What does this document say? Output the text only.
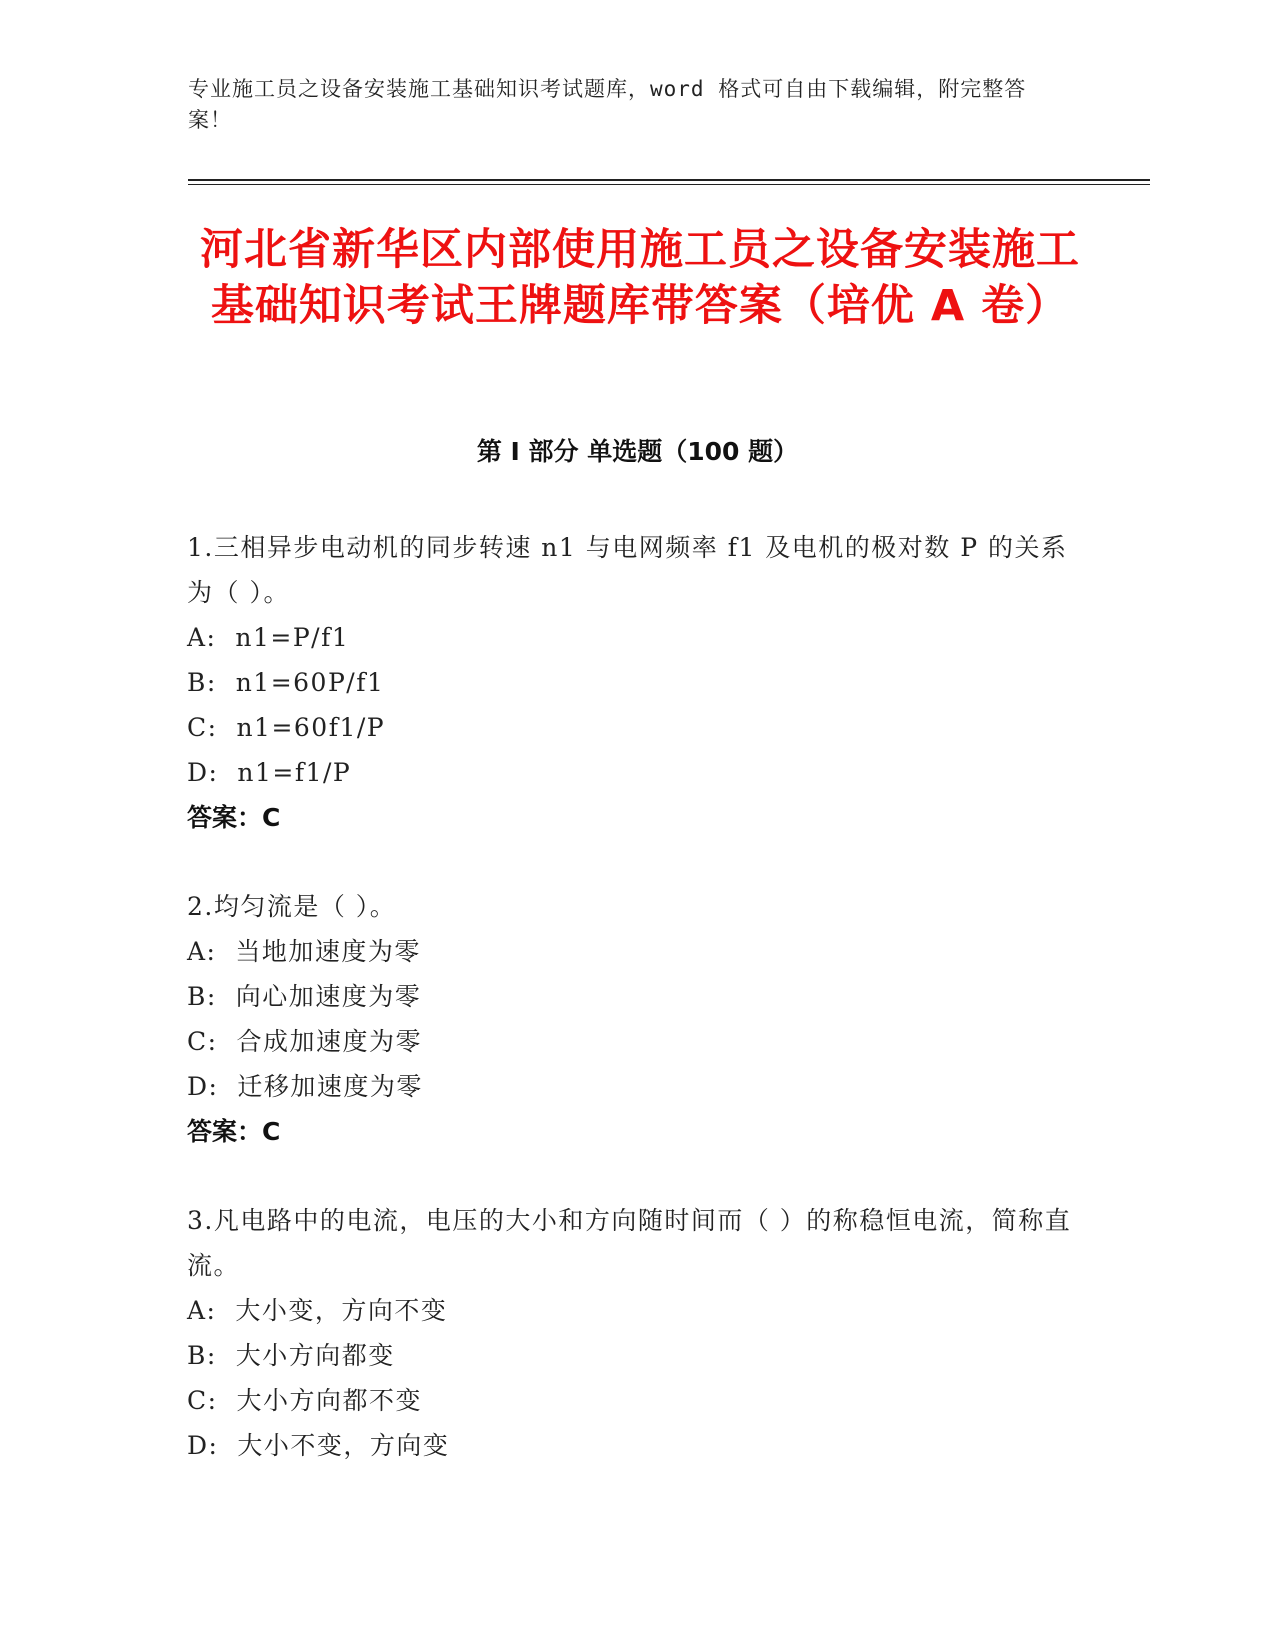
专业施工员之设备安装施工基础知识考试题库，word 格式可自由下载编辑，附完整答案！
河北省新华区内部使用施工员之设备安装施工基础知识考试王牌题库带答案（培优 A 卷）
第 I 部分 单选题（100 题）
1.三相异步电动机的同步转速 n1 与电网频率 f1 及电机的极对数 P 的关系为（ ）。
A:  n1=P/f1
B:  n1=60P/f1
C:  n1=60f1/P
D:  n1=f1/P
答案：C
2.均匀流是（ ）。
A:  当地加速度为零
B:  向心加速度为零
C:  合成加速度为零
D:  迁移加速度为零
答案：C
3.凡电路中的电流，电压的大小和方向随时间而（ ）的称稳恒电流，简称直流。
A:  大小变，方向不变
B:  大小方向都变
C:  大小方向都不变
D:  大小不变，方向变
